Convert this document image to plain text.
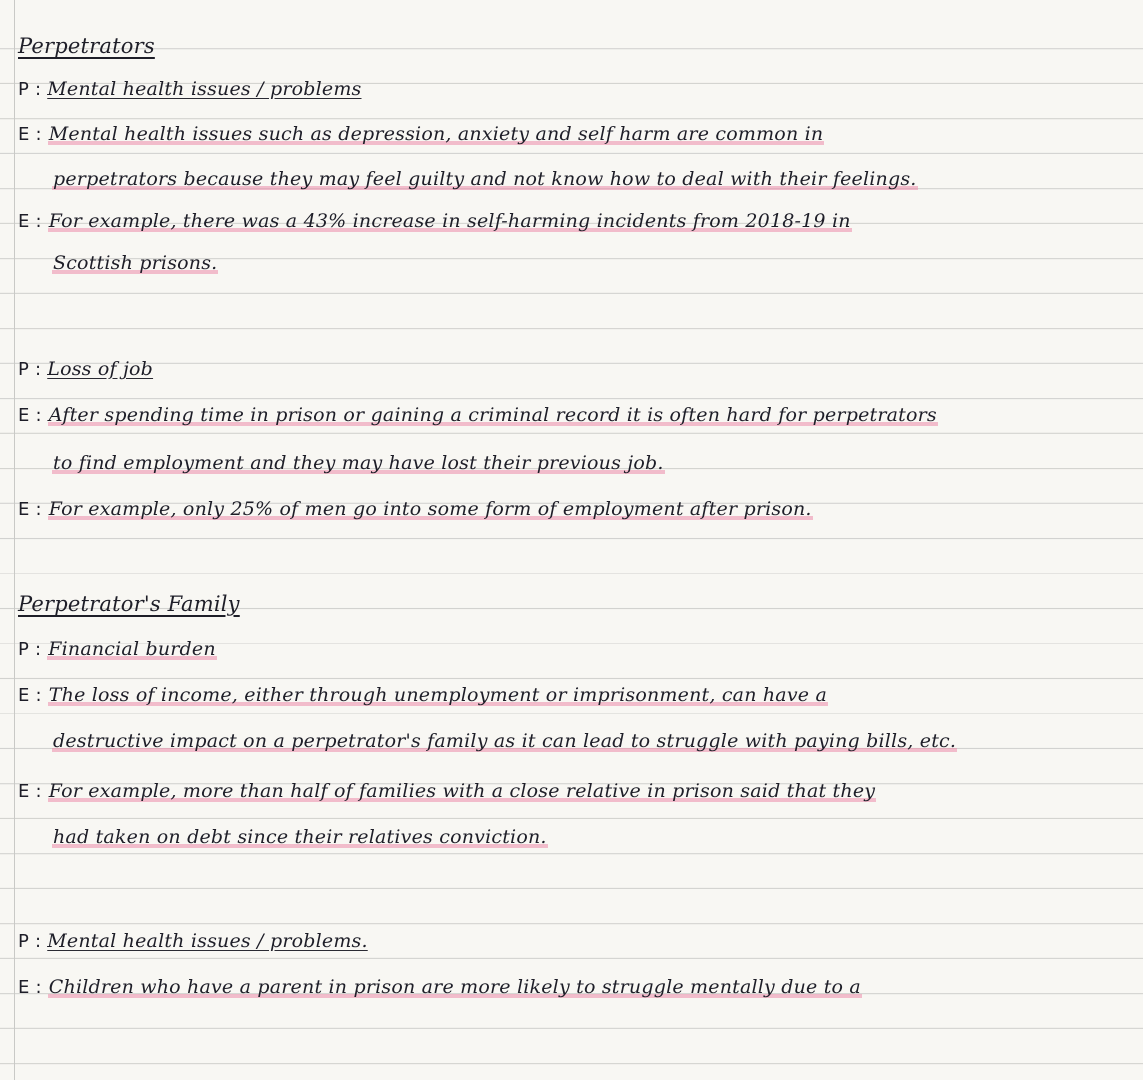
Perpetrators
P : Mental health issues / problems
E : Mental health issues such as depression, anxiety and self harm are common in
perpetrators because they may feel guilty and not know how to deal with their feelings.
E : For example, there was a 43% increase in self-harming incidents from 2018-19 in
Scottish prisons.
P : Loss of job
E : After spending time in prison or gaining a criminal record it is often hard for perpetrators
to find employment and they may have lost their previous job.
E : For example, only 25% of men go into some form of employment after prison.
Perpetrator's Family
P : Financial burden
E : The loss of income, either through unemployment or imprisonment, can have a
destructive impact on a perpetrator's family as it can lead to struggle with paying bills, etc.
E : For example, more than half of families with a close relative in prison said that they
had taken on debt since their relatives conviction.
P : Mental health issues / problems.
E : Children who have a parent in prison are more likely to struggle mentally due to a
